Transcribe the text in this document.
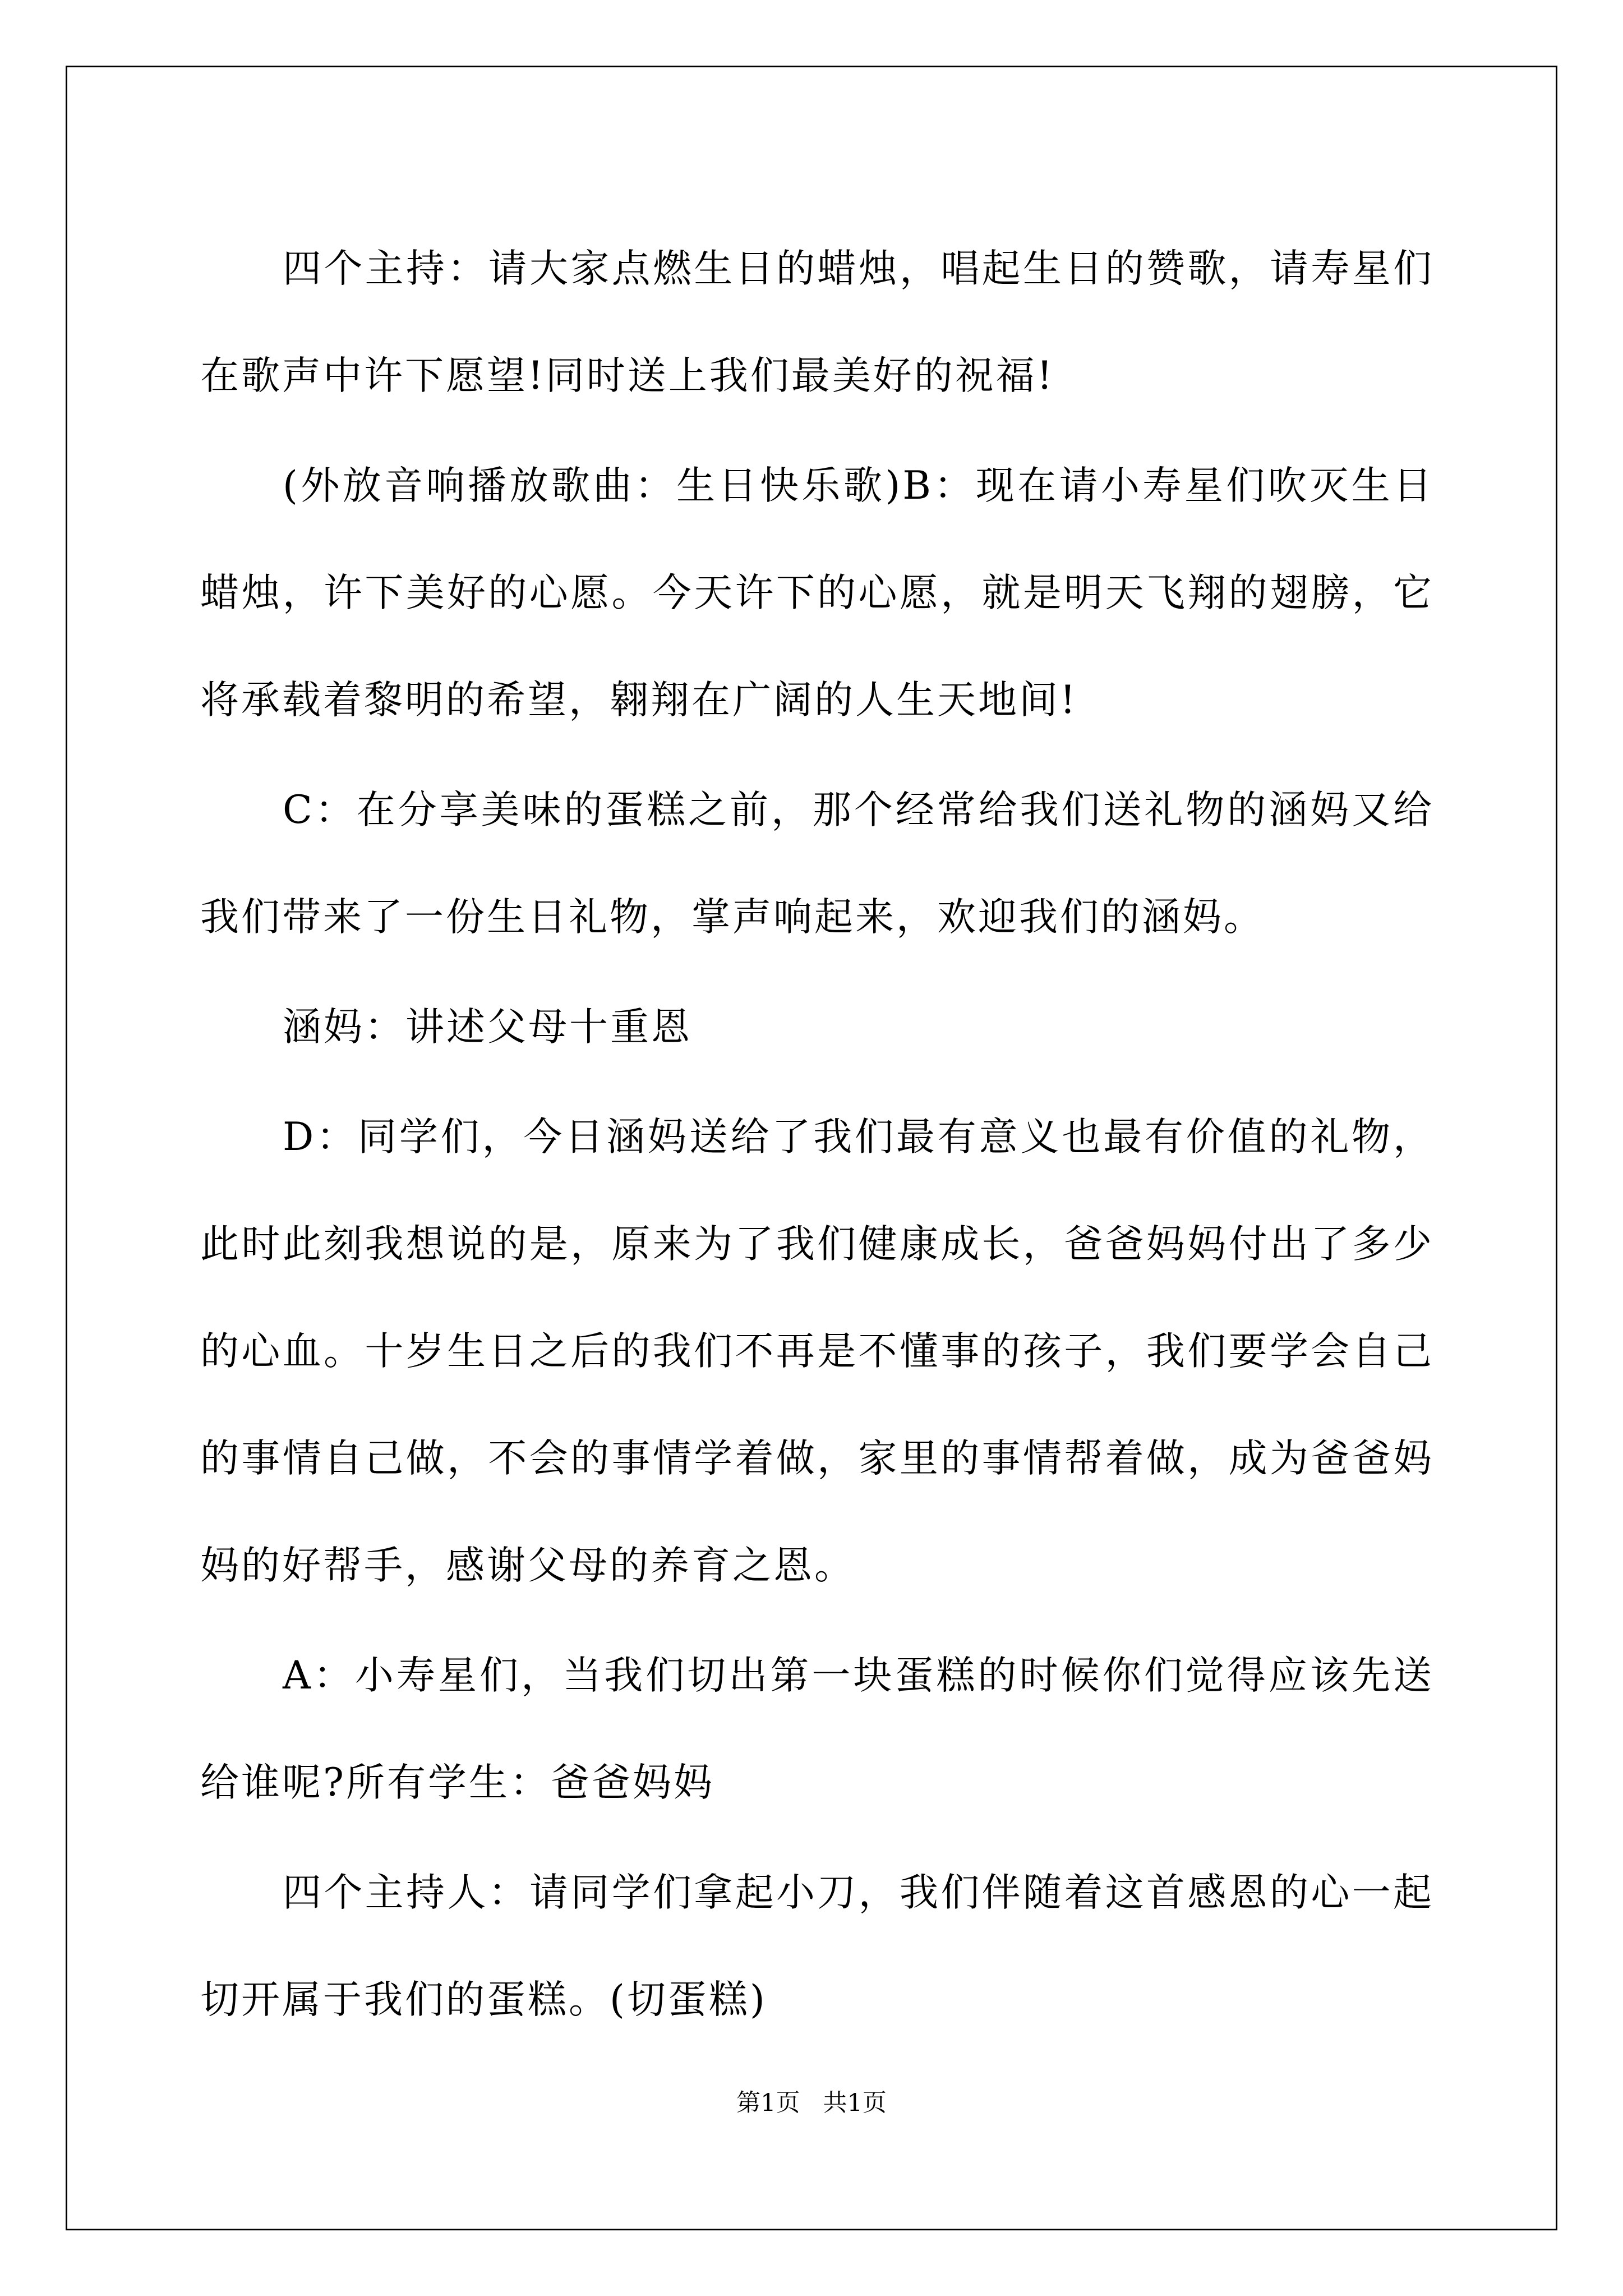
四个主持：请大家点燃生日的蜡烛，唱起生日的赞歌，请寿星们在歌声中许下愿望!同时送上我们最美好的祝福!

(外放音响播放歌曲：生日快乐歌)B：现在请小寿星们吹灭生日蜡烛，许下美好的心愿。今天许下的心愿，就是明天飞翔的翅膀，它将承载着黎明的希望，翱翔在广阔的人生天地间!

C：在分享美味的蛋糕之前，那个经常给我们送礼物的涵妈又给我们带来了一份生日礼物，掌声响起来，欢迎我们的涵妈。

涵妈：讲述父母十重恩

D：同学们，今日涵妈送给了我们最有意义也最有价值的礼物，此时此刻我想说的是，原来为了我们健康成长，爸爸妈妈付出了多少的心血。十岁生日之后的我们不再是不懂事的孩子，我们要学会自己的事情自己做，不会的事情学着做，家里的事情帮着做，成为爸爸妈妈的好帮手，感谢父母的养育之恩。

A：小寿星们，当我们切出第一块蛋糕的时候你们觉得应该先送给谁呢?所有学生：爸爸妈妈

四个主持人：请同学们拿起小刀，我们伴随着这首感恩的心一起切开属于我们的蛋糕。(切蛋糕)

第1页   共1页
